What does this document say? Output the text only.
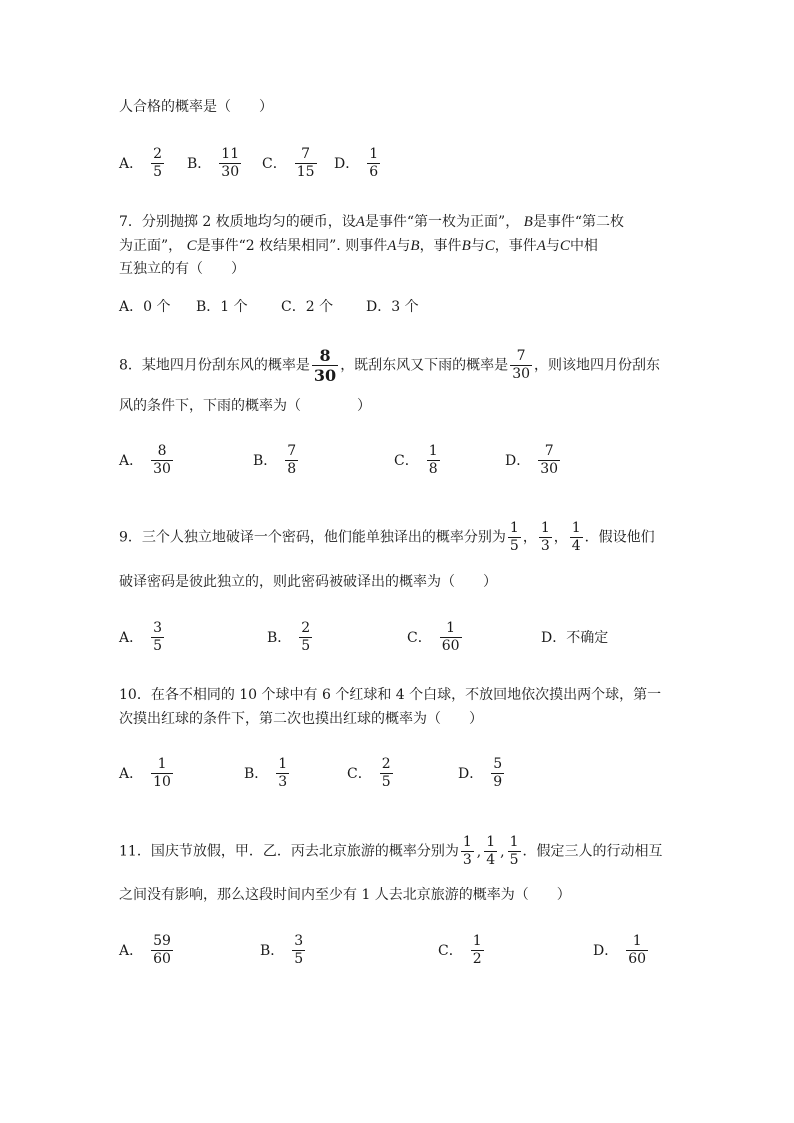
人合格的概率是（　　）
A． $\frac{2}{5}$ B． $\frac{11}{30}$ C． $\frac{7}{15}$ D． $\frac{1}{6}$
7．分别抛掷 2 枚质地均匀的硬币，设A是事件“第一枚为正面”， B是事件“第二枚
为正面”， C是事件“2 枚结果相同”. 则事件A与B，事件B与C，事件A与C中相
互独立的有（　　）
A．0 个 B．1 个 C．2 个 D．3 个
8．某地四月份刮东风的概率是 $\frac{8}{30}$ ，既刮东风又下雨的概率是 $\frac{7}{30}$ ，则该地四月份刮东
风的条件下，下雨的概率为（　　　　）
A． $\frac{8}{30}$	B． $\frac{7}{8}$	C． $\frac{1}{8}$	D． $\frac{7}{30}$
9．三个人独立地破译一个密码，他们能单独译出的概率分别为 $\frac{1}{5}$ ， $\frac{1}{3}$ ， $\frac{1}{4}$ ．假设他们
破译密码是彼此独立的，则此密码被破译出的概率为（　　）
A． $\frac{3}{5}$	B． $\frac{2}{5}$	C． $\frac{1}{60}$	D．不确定
10．在各不相同的 10 个球中有 6 个红球和 4 个白球，不放回地依次摸出两个球，第一
次摸出红球的条件下，第二次也摸出红球的概率为（　　）
A． $\frac{1}{10}$	B． $\frac{1}{3}$	C． $\frac{2}{5}$	D． $\frac{5}{9}$
11．国庆节放假，甲．乙．丙去北京旅游的概率分别为 $\frac{1}{3}$ , $\frac{1}{4}$ , $\frac{1}{5}$ ．假定三人的行动相互
之间没有影响，那么这段时间内至少有 1 人去北京旅游的概率为（　　）
A． $\frac{59}{60}$	B． $\frac{3}{5}$	C． $\frac{1}{2}$	D． $\frac{1}{60}$
